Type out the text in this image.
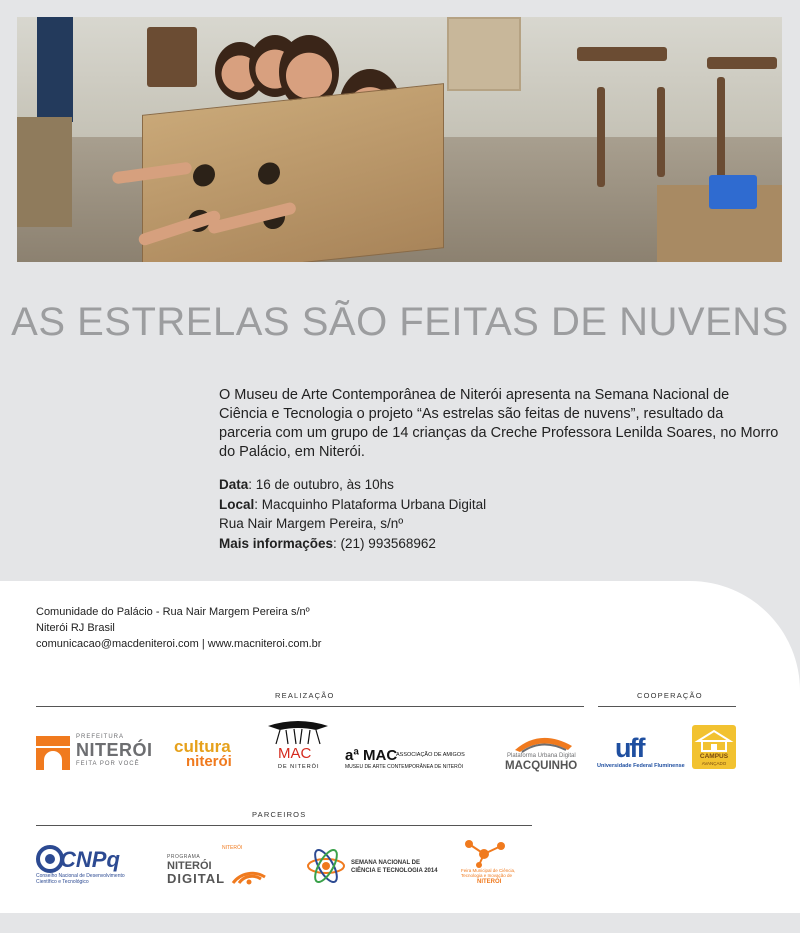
AS ESTRELAS SÃO FEITAS DE NUVENS
O Museu de Arte Contemporânea de Niterói apresenta na Semana Nacional de Ciência e Tecnologia o projeto “As estrelas são feitas de nuvens”, resultado da parceria com um grupo de 14 crianças da Creche Professora Lenilda Soares, no Morro do Palácio, em Niterói.
Data: 16 de outubro, às 10hs
Local: Macquinho Plataforma Urbana Digital
Rua Nair Margem Pereira, s/nº
Mais informações: (21) 993568962
Comunidade do Palácio - Rua Nair Margem Pereira s/nº
Niterói RJ Brasil
comunicacao@macdeniteroi.com | www.macniteroi.com.br
REALIZAÇÃO	COOPERAÇÃO
PREFEITURA
NITERÓI
FEITA POR VOCÊ
cultura
niterói	MAC
DE NITERÓI
aª MAC
ASSOCIAÇÃO DE AMIGOS
MUSEU DE ARTE CONTEMPORÂNEA DE NITERÓI
Plataforma Urbana Digital
MACQUINHO
uff
Universidade Federal Fluminense
CAMPUS
AVANÇADO
PARCEIROS
CNPq
Conselho Nacional de Desenvolvimento
Científico e Tecnológico
NITERÓI
PROGRAMA
NITERÓI
DIGITAL
SEMANA NACIONAL DE
CIÊNCIA E TECNOLOGIA 2014	Feira Municipal de Ciência,
Tecnologia e Inovação de
NITERÓI
